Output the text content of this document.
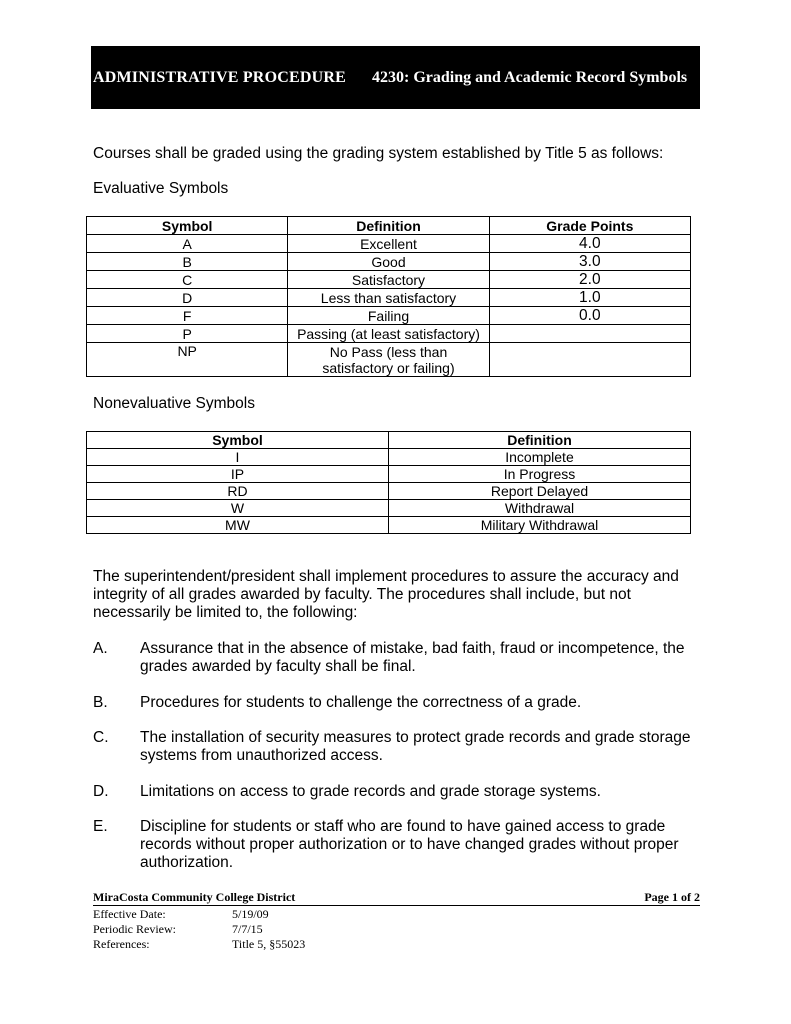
ADMINISTRATIVE PROCEDURE 4230: Grading and Academic Record Symbols
Courses shall be graded using the grading system established by Title 5 as follows:
Evaluative Symbols
Symbol	Definition	Grade Points
A	Excellent	4.0
B	Good	3.0
C	Satisfactory	2.0
D	Less than satisfactory	1.0
F	Failing	0.0
P	Passing (at least satisfactory)	
NP	No Pass (less than satisfactory or failing)	
Nonevaluative Symbols
Symbol	Definition
I	Incomplete
IP	In Progress
RD	Report Delayed
W	Withdrawal
MW	Military Withdrawal
The superintendent/president shall implement procedures to assure the accuracy and integrity of all grades awarded by faculty. The procedures shall include, but not necessarily be limited to, the following:
A. Assurance that in the absence of mistake, bad faith, fraud or incompetence, the grades awarded by faculty shall be final.
B. Procedures for students to challenge the correctness of a grade.
C. The installation of security measures to protect grade records and grade storage systems from unauthorized access.
D. Limitations on access to grade records and grade storage systems.
E. Discipline for students or staff who are found to have gained access to grade records without proper authorization or to have changed grades without proper authorization.
MiraCosta Community College District	Page 1 of 2
Effective Date:	5/19/09
Periodic Review:	7/7/15
References:	Title 5, §55023
